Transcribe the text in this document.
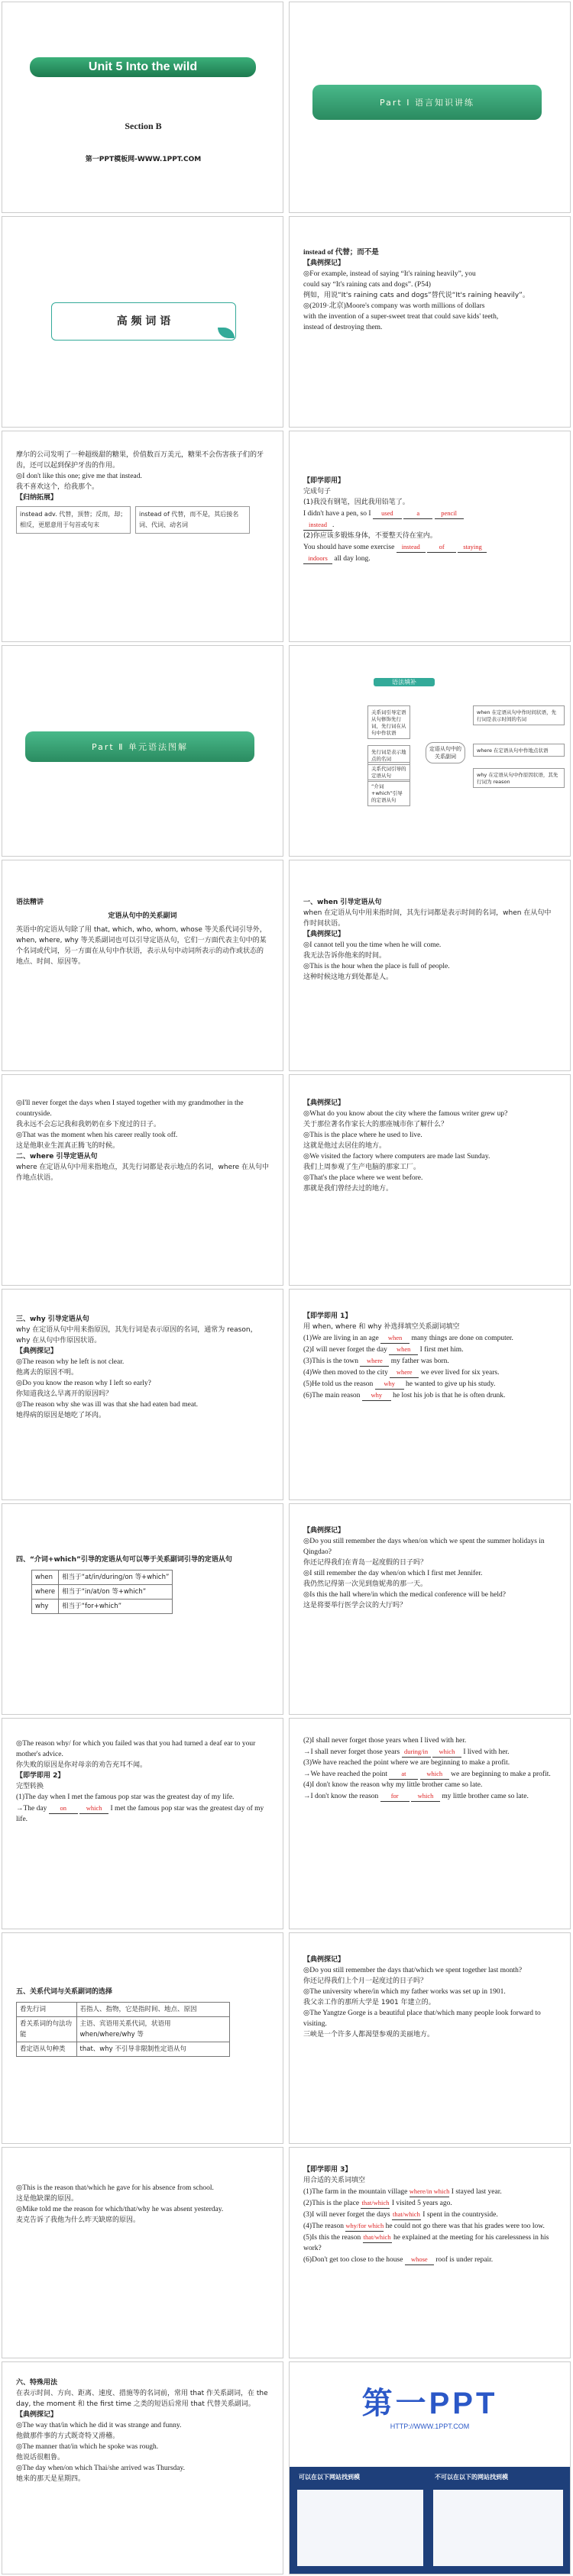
Unit 5 Into the wild
Section B
第一PPT模板网-WWW.1PPT.COM
Part Ⅰ 语言知识讲练
高 频 词 语

instead of 代替；而不是

【典例探记】

◎For example, instead of saying “It's raining heavily”, you

could say “It's raining cats and dogs”. (P54)

例如，用说“It's raining cats and dogs”替代说“It's raining heavily”。

◎(2019·北京)Moore's company was worth millions of dollars

with the invention of a super-sweet treat that could save kids' teeth,

instead of destroying them.

摩尔的公司发明了一种超级甜的糖果，价值数百万美元，糖果不会伤害孩子们的牙齿，还可以起到保护牙齿的作用。

◎I don't like this one; give me that instead.

我不喜欢这个，给我那个。

【归纳拓展】

instead adv. 代替，顶替；反而，却；相反，更愿意用于句首或句末
instead of 代替，而不是，其后接名词、代词、动名词

【即学即用】

完成句子

(1)我没有钢笔，因此我用铅笔了。

I didn't have a pen, so I used	a	pencil

instead .

(2)你应该多锻炼身体，不要整天待在室内。

You should have some exercise instead	of	staying

indoors all day long.

Part Ⅱ 单元语法图解
语法填补
关系词引导定语从句修饰先行词，先行词在从句中作状语
先行词是表示地点的名词
关系代词引导的定语从句
“介词+which”引导的定语从句
定语从句中的关系副词
when 在定语从句中作时间状语，先行词是表示时间的名词
where 在定语从句中作地点状语
why 在定语从句中作原因状语，其先行词为 reason

语法精讲

定语从句中的关系副词

英语中的定语从句除了用 that, which, who, whom, whose 等关系代词引导外，when, where, why 等关系副词也可以引导定语从句，它们一方面代表主句中的某个名词或代词，另一方面在从句中作状语，表示从句中动词所表示的动作或状态的地点、时间、原因等。

一、when 引导定语从句

when 在定语从句中用来指时间，其先行词都是表示时间的名词，when 在从句中作时间状语。

【典例探记】

◎I cannot tell you the time when he will come.

我无法告诉你他来的时间。

◎This is the hour when the place is full of people.

这种时候这地方到处都是人。

◎I'll never forget the days when I stayed together with my grandmother in the countryside.

我永远不会忘记我和我奶奶在乡下度过的日子。

◎That was the moment when his career really took off.

这是他职业生涯真正腾飞的时候。

二、where 引导定语从句

where 在定语从句中用来指地点，其先行词都是表示地点的名词，where 在从句中作地点状语。

【典例探记】

◎What do you know about the city where the famous writer grew up?

关于那位著名作家长大的那座城市你了解什么？

◎This is the place where he used to live.

这就是他过去居住的地方。

◎We visited the factory where computers are made last Sunday.

我们上周参观了生产电脑的那家工厂。

◎That's the place where we went before.

那就是我们曾经去过的地方。

三、why 引导定语从句

why 在定语从句中用来指原因，其先行词是表示原因的名词，通常为 reason，why 在从句中作原因状语。

【典例探记】

◎The reason why he left is not clear.

他离去的原因不明。

◎Do you know the reason why I left so early?

你知道我这么早离开的原因吗？

◎The reason why she was ill was that she had eaten bad meat.

她得病的原因是她吃了坏肉。

【即学即用 1】

用 when, where 和 why 补选择填空关系副词填空

(1)We are living in an age when many things are done on computer.

(2)I will never forget the day when I first met him.

(3)This is the town where my father was born.

(4)We then moved to the city where we ever lived for six years.

(5)He told us the reason why he wanted to give up his study.

(6)The main reason why he lost his job is that he is often drunk.

四、“介词+which”引导的定语从句可以等于关系副词引导的定语从句

when	相当于“at/in/during/on 等+which”
where	相当于“in/at/on 等+which”
why	相当于“for+which”

【典例探记】

◎Do you still remember the days when/on which we spent the summer holidays in Qingdao?

你还记得我们在青岛一起度假的日子吗？

◎I still remember the day when/on which I first met Jennifer.

我仍然记得第一次见到詹妮弗的那一天。

◎Is this the hall where/in which the medical conference will be held?

这是将要举行医学会议的大厅吗？

◎The reason why/ for which you failed was that you had turned a deaf ear to your mother's advice.

你失败的原因是你对母亲的劝告充耳不闻。

【即学即用 2】

完型转换

(1)The day when I met the famous pop star was the greatest day of my life.

→The day on	which I met the famous pop star was the greatest day of my life.

(2)I shall never forget those years when I lived with her.

→I shall never forget those years during/in which I lived with her.

(3)We have reached the point where we are beginning to make a profit.

→We have reached the point at	which we are beginning to make a profit.

(4)I don't know the reason why my little brother came so late.

→I don't know the reason for	which my little brother came so late.

五、关系代词与关系副词的选择

看先行词	若指人、指物，它是指时间、地点、原因
看关系词的句法功能	主语、宾语用关系代词，状语用 when/where/why 等
看定语从句种类	that、why 不引导非限制性定语从句

【典例探记】

◎Do you still remember the days that/which we spent together last month?

你还记得我们上个月一起度过的日子吗？

◎The university where/in which my father works was set up in 1901.

我父亲工作的那所大学是 1901 年建立的。

◎The Yangtze Gorge is a beautiful place that/which many people look forward to visiting.

三峡是一个许多人都渴望参观的美丽地方。

◎This is the reason that/which he gave for his absence from school.

这是他缺课的原因。

◎Mike told me the reason for which/that/why he was absent yesterday.

麦克告诉了我他为什么昨天缺席的原因。

【即学即用 3】

用合适的关系词填空

(1)The farm in the mountain village where/in which I stayed last year.

(2)This is the place that/which I visited 5 years ago.

(3)I will never forget the days that/which I spent in the countryside.

(4)The reason why/for which he could not go there was that his grades were too low.

(5)Is this the reason that/which he explained at the meeting for his carelessness in his work?

(6)Don't get too close to the house whose roof is under repair.

六、特殊用法

在表示时间、方向、距离、速度、措施等的名词前，常用 that 作关系副词，在 the day, the moment 和 the first time 之类的短语后常用 that 代替关系副词。

【典例探记】

◎The way that/in which he did it was strange and funny.

他做那件事的方式既奇特又滑稽。

◎The manner that/in which he spoke was rough.

他说话很粗鲁。

◎The day when/on which Thai/she arrived was Thursday.

她来的那天是星期四。

第一PPT
HTTP://WWW.1PPT.COM
可以在以下网站找到模	不可以在以下的网站找到模
